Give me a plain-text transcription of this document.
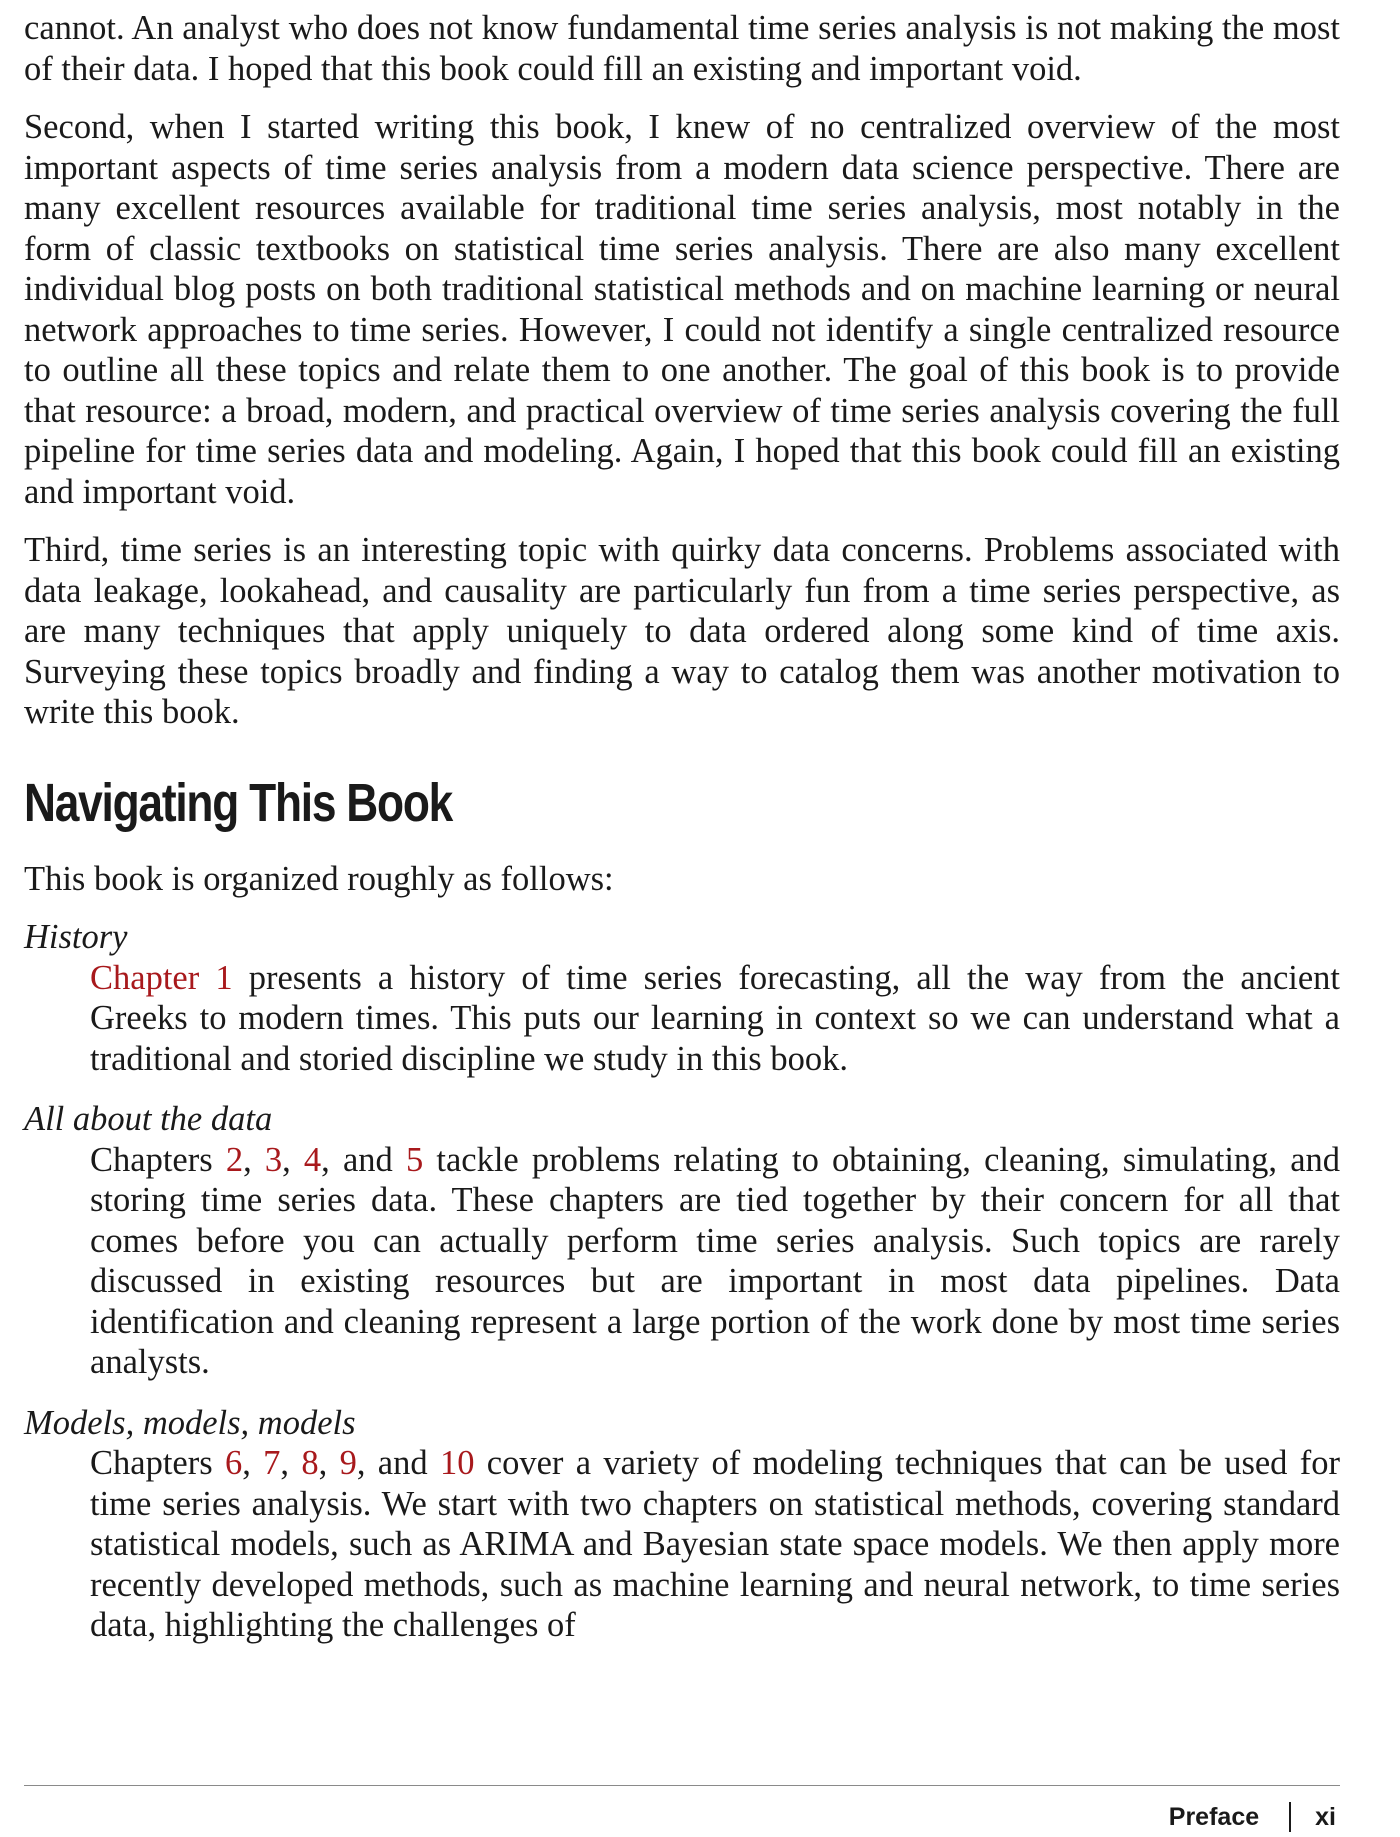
cannot. An analyst who does not know fundamental time series analysis is not making the most of their data. I hoped that this book could fill an existing and important void.

Second, when I started writing this book, I knew of no centralized overview of the most important aspects of time series analysis from a modern data science perspective. There are many excellent resources available for traditional time series analysis, most notably in the form of classic textbooks on statistical time series analysis. There are also many excellent individual blog posts on both traditional statistical methods and on machine learning or neural network approaches to time series. However, I could not identify a single centralized resource to outline all these topics and relate them to one another. The goal of this book is to provide that resource: a broad, modern, and practical overview of time series analysis covering the full pipeline for time series data and modeling. Again, I hoped that this book could fill an existing and important void.

Third, time series is an interesting topic with quirky data concerns. Problems associated with data leakage, lookahead, and causality are particularly fun from a time series perspective, as are many techniques that apply uniquely to data ordered along some kind of time axis. Surveying these topics broadly and finding a way to catalog them was another motivation to write this book.

Navigating This Book

This book is organized roughly as follows:

History
Chapter 1 presents a history of time series forecasting, all the way from the ancient Greeks to modern times. This puts our learning in context so we can understand what a traditional and storied discipline we study in this book.
All about the data
Chapters 2, 3, 4, and 5 tackle problems relating to obtaining, cleaning, simulating, and storing time series data. These chapters are tied together by their concern for all that comes before you can actually perform time series analysis. Such topics are rarely discussed in existing resources but are important in most data pipelines. Data identification and cleaning represent a large portion of the work done by most time series analysts.
Models, models, models
Chapters 6, 7, 8, 9, and 10 cover a variety of modeling techniques that can be used for time series analysis. We start with two chapters on statistical methods, covering standard statistical models, such as ARIMA and Bayesian state space models. We then apply more recently developed methods, such as machine learning and neural network, to time series data, highlighting the challenges of
Preface xi
